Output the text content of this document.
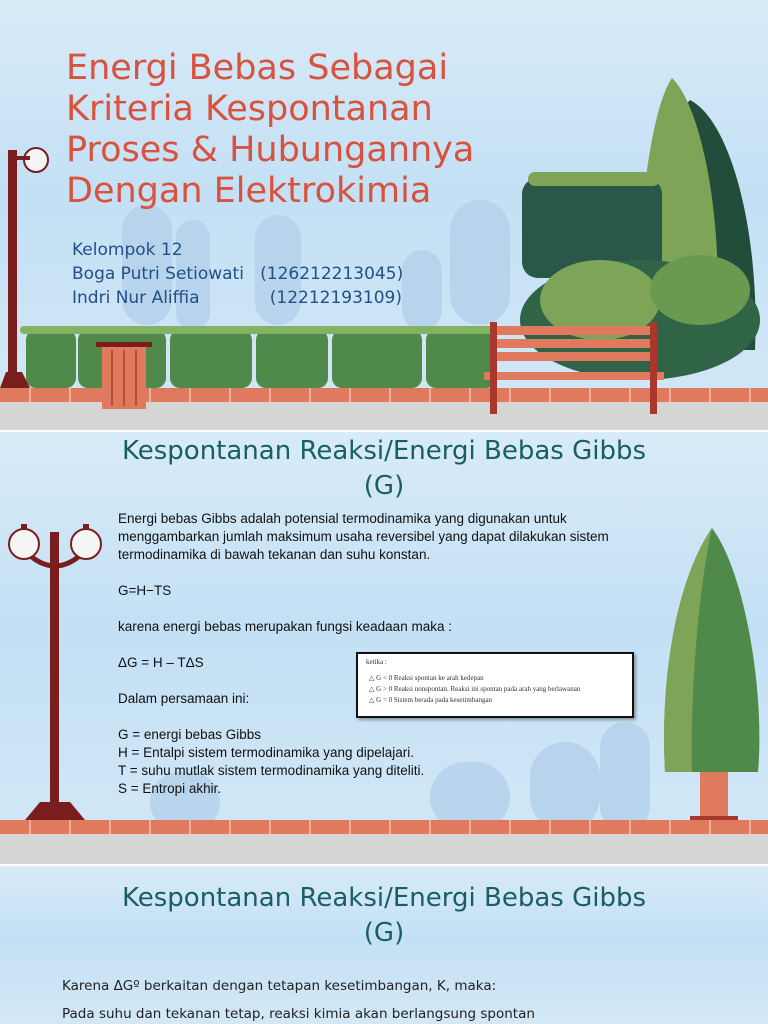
Energi Bebas Sebagai
Kriteria Kespontanan
Proses & Hubungannya
Dengan Elektrokimia
Kelompok 12
Boga Putri Setiowati   (126212213045)
Indri Nur Aliffia             (12212193109)
Kespontanan Reaksi/Energi Bebas Gibbs
(G)

Energi bebas Gibbs adalah potensial termodinamika yang digunakan untuk menggambarkan jumlah maksimum usaha reversibel yang dapat dilakukan sistem termodinamika di bawah tekanan dan suhu konstan.

G=H−TS

karena energi bebas merupakan fungsi keadaan maka :

ΔG = H – TΔS

Dalam persamaan ini:

G = energi bebas Gibbs

H = Entalpi sistem termodinamika yang dipelajari.

T = suhu mutlak sistem termodinamika yang diteliti.

S = Entropi akhir.

ketika :
△ G < 0 Reaksi spontan ke arah kedepan
△ G > 0 Reaksi nonspontan. Reaksi ini spontan pada arah yang berlawanan
△ G = 0 Sistem berada pada kesetimbangan
Kespontanan Reaksi/Energi Bebas Gibbs
(G)
Karena ΔGº berkaitan dengan tetapan kesetimbangan, K, maka:
Pada suhu dan tekanan tetap, reaksi kimia akan berlangsung spontan
